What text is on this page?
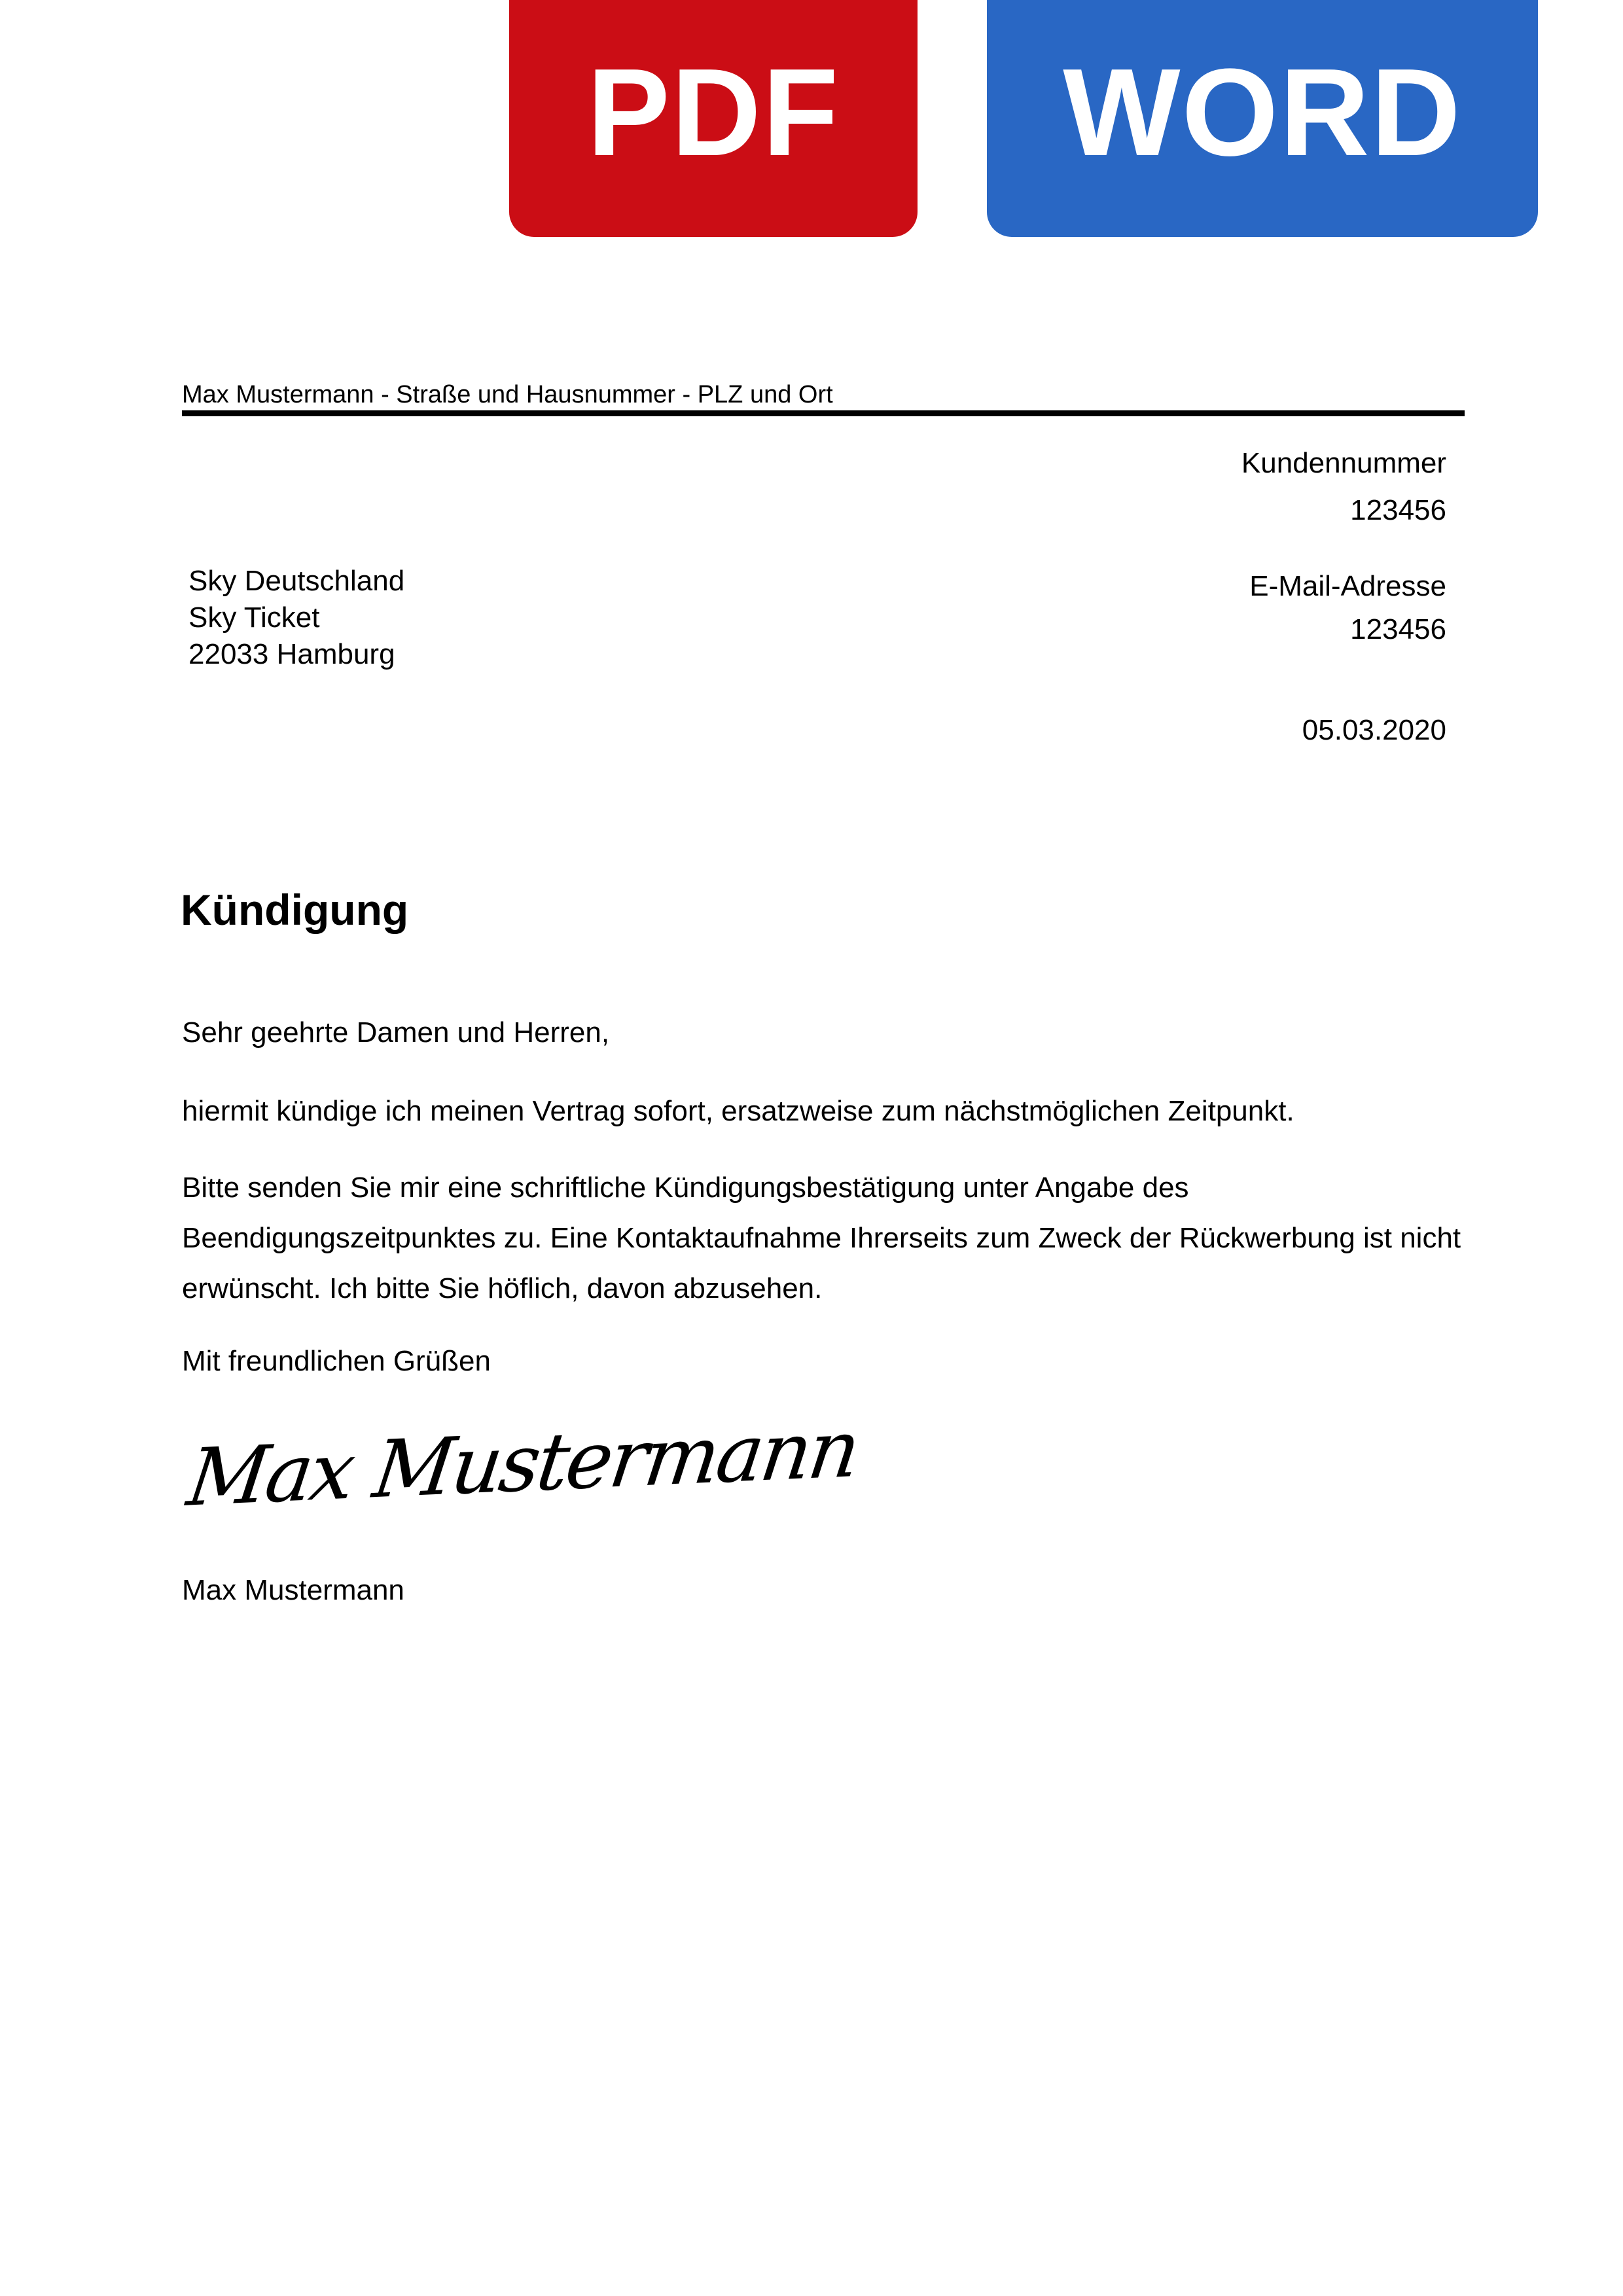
PDF WORD
Max Mustermann - Straße und Hausnummer - PLZ und Ort
Kundennummer
123456
E-Mail-Adresse
123456
05.03.2020
Sky Deutschland
Sky Ticket
22033 Hamburg
Kündigung

Sehr geehrte Damen und Herren,

hiermit kündige ich meinen Vertrag sofort, ersatzweise zum nächstmöglichen Zeitpunkt.

Bitte senden Sie mir eine schriftliche Kündigungsbestätigung unter Angabe des
Beendigungszeitpunktes zu. Eine Kontaktaufnahme Ihrerseits zum Zweck der Rückwerbung ist nicht
erwünscht. Ich bitte Sie höflich, davon abzusehen.

Mit freundlichen Grüßen

Max Mustermann
Max Mustermann
